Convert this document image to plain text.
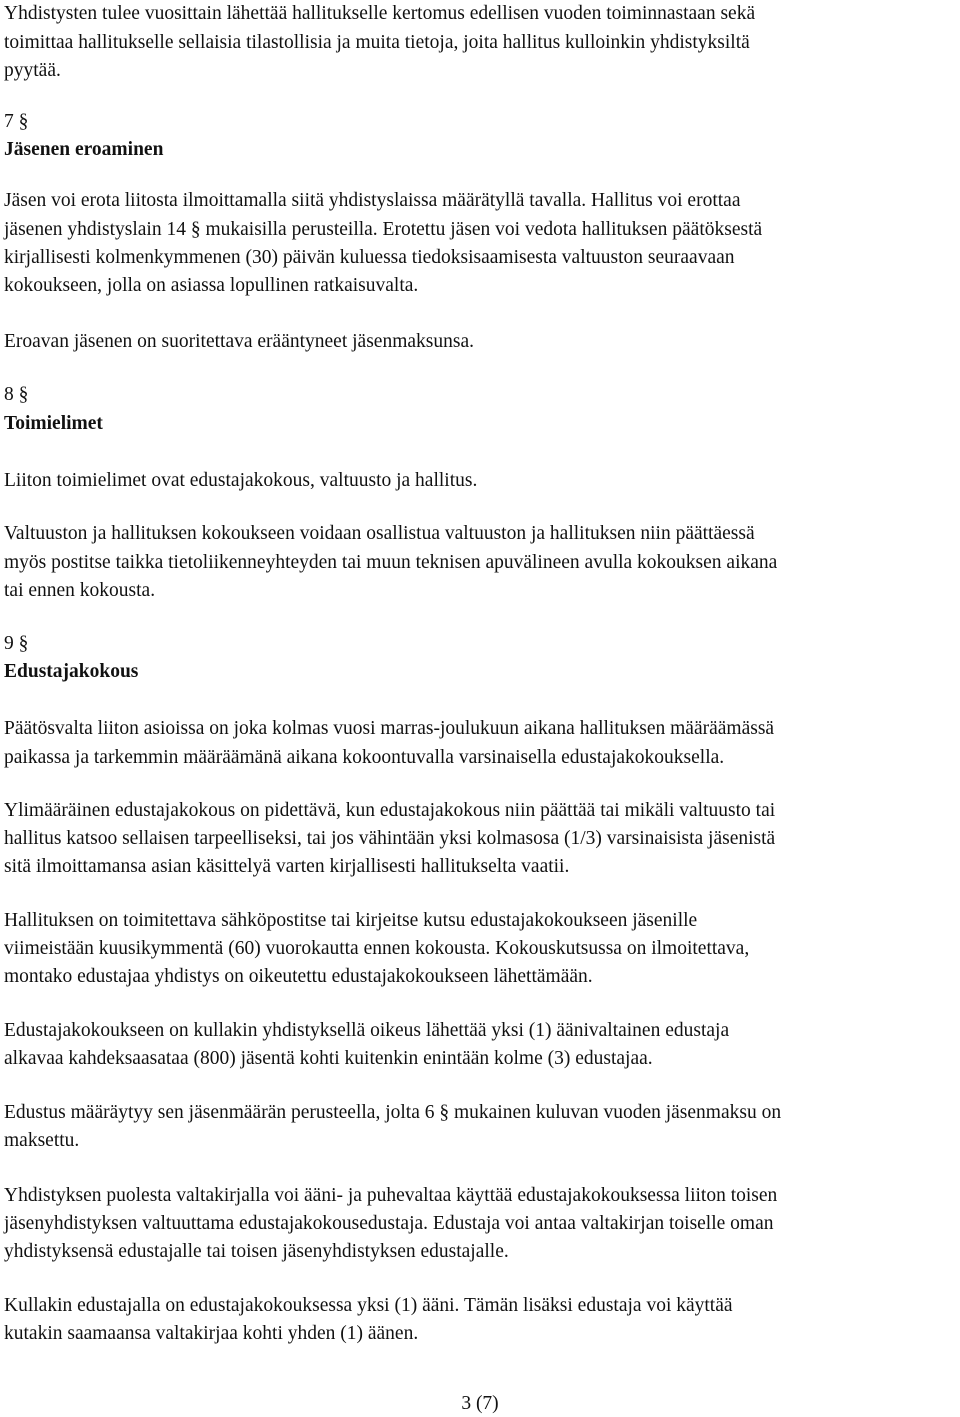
Yhdistysten tulee vuosittain lähettää hallitukselle kertomus edellisen vuoden toiminnastaan sekä

toimittaa hallitukselle sellaisia tilastollisia ja muita tietoja, joita hallitus kulloinkin yhdistyksiltä

pyytää.

7 §

Jäsenen eroaminen

Jäsen voi erota liitosta ilmoittamalla siitä yhdistyslaissa määrätyllä tavalla. Hallitus voi erottaa

jäsenen yhdistyslain 14 § mukaisilla perusteilla. Erotettu jäsen voi vedota hallituksen päätöksestä

kirjallisesti kolmenkymmenen (30) päivän kuluessa tiedoksisaamisesta valtuuston seuraavaan

kokoukseen, jolla on asiassa lopullinen ratkaisuvalta.

Eroavan jäsenen on suoritettava erääntyneet jäsenmaksunsa.

8 §

Toimielimet

Liiton toimielimet ovat edustajakokous, valtuusto ja hallitus.

Valtuuston ja hallituksen kokoukseen voidaan osallistua valtuuston ja hallituksen niin päättäessä

myös postitse taikka tietoliikenneyhteyden tai muun teknisen apuvälineen avulla kokouksen aikana

tai ennen kokousta.

9 §

Edustajakokous

Päätösvalta liiton asioissa on joka kolmas vuosi marras-joulukuun aikana hallituksen määräämässä

paikassa ja tarkemmin määräämänä aikana kokoontuvalla varsinaisella edustajakokouksella.

Ylimääräinen edustajakokous on pidettävä, kun edustajakokous niin päättää tai mikäli valtuusto tai

hallitus katsoo sellaisen tarpeelliseksi, tai jos vähintään yksi kolmasosa (1/3) varsinaisista jäsenistä

sitä ilmoittamansa asian käsittelyä varten kirjallisesti hallitukselta vaatii.

Hallituksen on toimitettava sähköpostitse tai kirjeitse kutsu edustajakokoukseen jäsenille

viimeistään kuusikymmentä (60) vuorokautta ennen kokousta. Kokouskutsussa on ilmoitettava,

montako edustajaa yhdistys on oikeutettu edustajakokoukseen lähettämään.

Edustajakokoukseen on kullakin yhdistyksellä oikeus lähettää yksi (1) äänivaltainen edustaja

alkavaa kahdeksaasataa (800) jäsentä kohti kuitenkin enintään kolme (3) edustajaa.

Edustus määräytyy sen jäsenmäärän perusteella, jolta 6 § mukainen kuluvan vuoden jäsenmaksu on

maksettu.

Yhdistyksen puolesta valtakirjalla voi ääni- ja puhevaltaa käyttää edustajakokouksessa liiton toisen

jäsenyhdistyksen valtuuttama edustajakokousedustaja. Edustaja voi antaa valtakirjan toiselle oman

yhdistyksensä edustajalle tai toisen jäsenyhdistyksen edustajalle.

Kullakin edustajalla on edustajakokouksessa yksi (1) ääni. Tämän lisäksi edustaja voi käyttää

kutakin saamaansa valtakirjaa kohti yhden (1) äänen.

3 (7)
